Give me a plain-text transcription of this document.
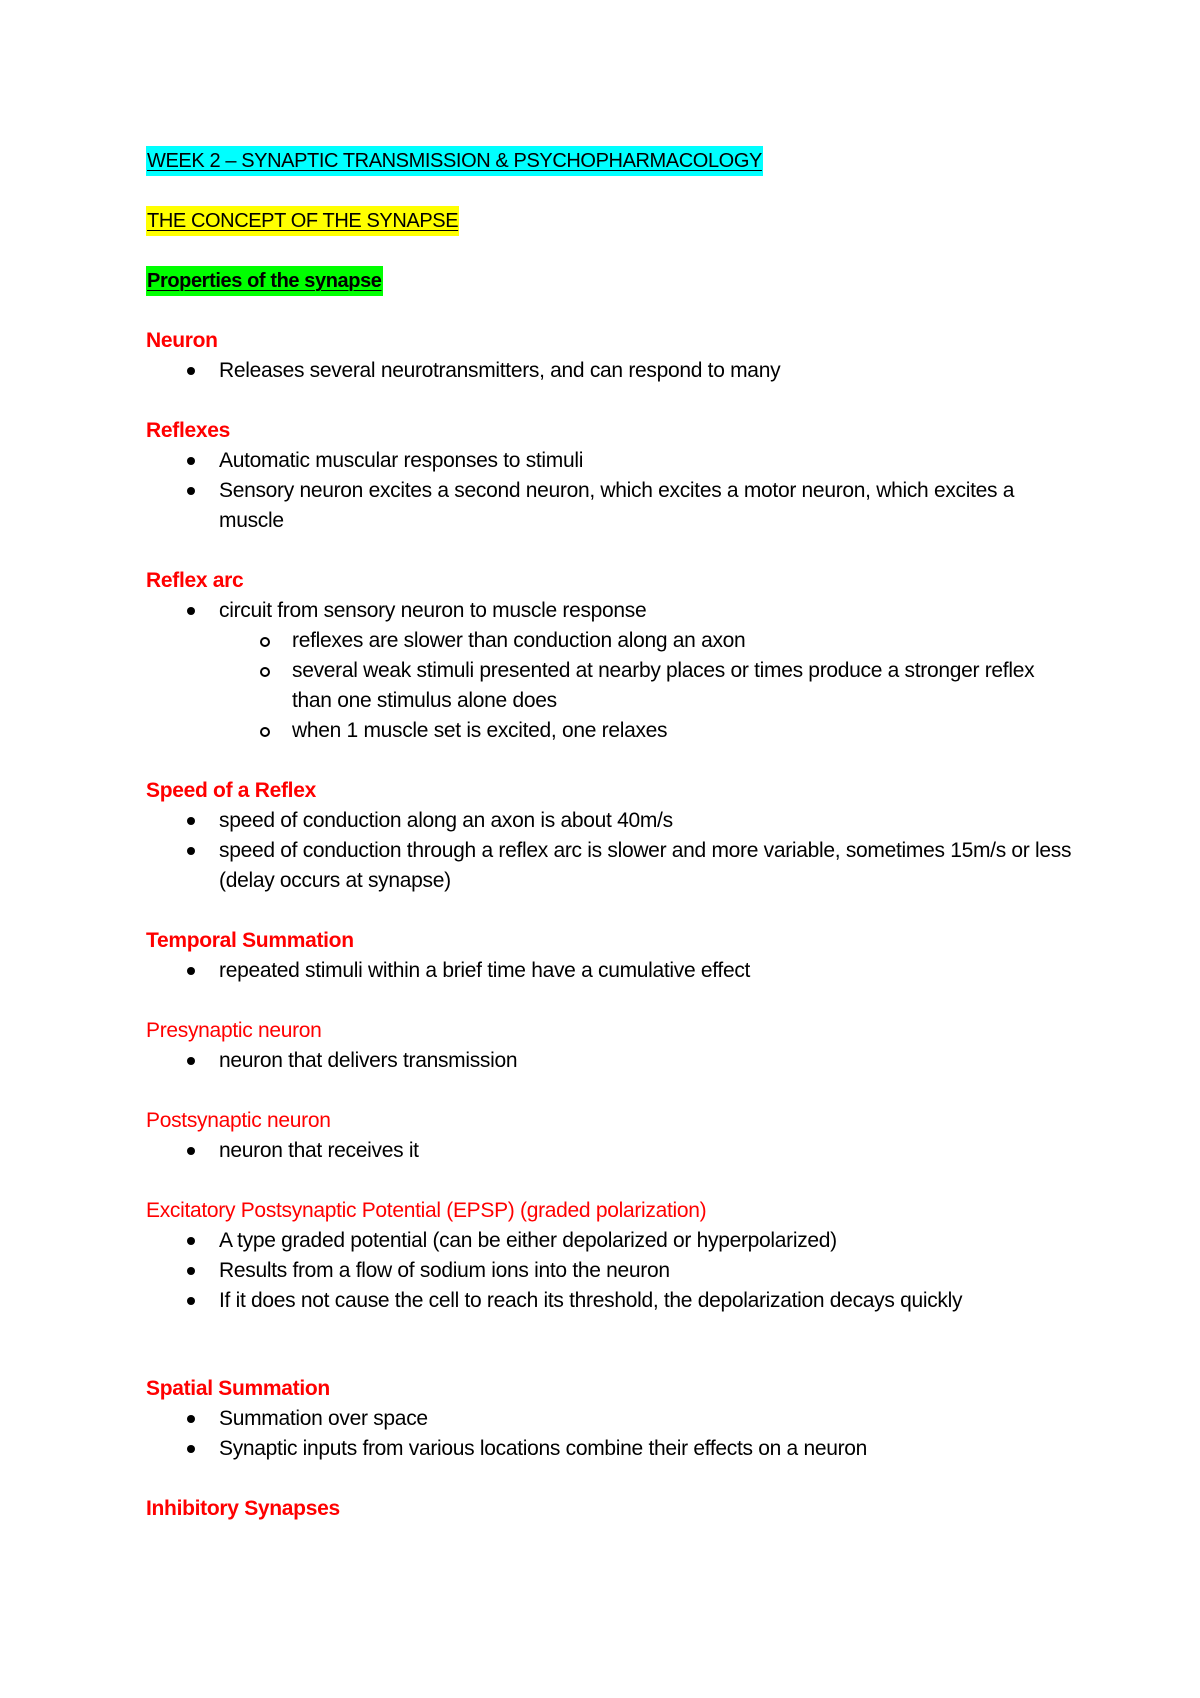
WEEK 2 – SYNAPTIC TRANSMISSION & PSYCHOPHARMACOLOGY
THE CONCEPT OF THE SYNAPSE
Properties of the synapse
Neuron
Releases several neurotransmitters, and can respond to many
Reflexes
Automatic muscular responses to stimuli
Sensory neuron excites a second neuron, which excites a motor neuron, which excites a muscle
Reflex arc
circuit from sensory neuron to muscle response
reflexes are slower than conduction along an axon
several weak stimuli presented at nearby places or times produce a stronger reflex than one stimulus alone does
when 1 muscle set is excited, one relaxes
Speed of a Reflex
speed of conduction along an axon is about 40m/s
speed of conduction through a reflex arc is slower and more variable, sometimes 15m/s or less (delay occurs at synapse)
Temporal Summation
repeated stimuli within a brief time have a cumulative effect
Presynaptic neuron
neuron that delivers transmission
Postsynaptic neuron
neuron that receives it
Excitatory Postsynaptic Potential (EPSP) (graded polarization)
A type graded potential (can be either depolarized or hyperpolarized)
Results from a flow of sodium ions into the neuron
If it does not cause the cell to reach its threshold, the depolarization decays quickly
Spatial Summation
Summation over space
Synaptic inputs from various locations combine their effects on a neuron
Inhibitory Synapses
